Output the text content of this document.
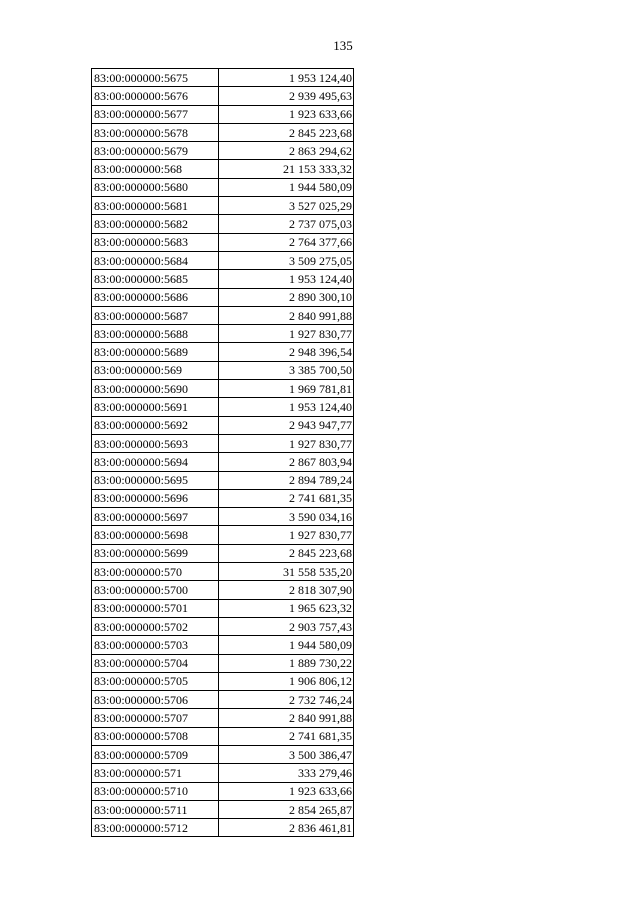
135
83:00:000000:5675	1 953 124,40
83:00:000000:5676	2 939 495,63
83:00:000000:5677	1 923 633,66
83:00:000000:5678	2 845 223,68
83:00:000000:5679	2 863 294,62
83:00:000000:568	21 153 333,32
83:00:000000:5680	1 944 580,09
83:00:000000:5681	3 527 025,29
83:00:000000:5682	2 737 075,03
83:00:000000:5683	2 764 377,66
83:00:000000:5684	3 509 275,05
83:00:000000:5685	1 953 124,40
83:00:000000:5686	2 890 300,10
83:00:000000:5687	2 840 991,88
83:00:000000:5688	1 927 830,77
83:00:000000:5689	2 948 396,54
83:00:000000:569	3 385 700,50
83:00:000000:5690	1 969 781,81
83:00:000000:5691	1 953 124,40
83:00:000000:5692	2 943 947,77
83:00:000000:5693	1 927 830,77
83:00:000000:5694	2 867 803,94
83:00:000000:5695	2 894 789,24
83:00:000000:5696	2 741 681,35
83:00:000000:5697	3 590 034,16
83:00:000000:5698	1 927 830,77
83:00:000000:5699	2 845 223,68
83:00:000000:570	31 558 535,20
83:00:000000:5700	2 818 307,90
83:00:000000:5701	1 965 623,32
83:00:000000:5702	2 903 757,43
83:00:000000:5703	1 944 580,09
83:00:000000:5704	1 889 730,22
83:00:000000:5705	1 906 806,12
83:00:000000:5706	2 732 746,24
83:00:000000:5707	2 840 991,88
83:00:000000:5708	2 741 681,35
83:00:000000:5709	3 500 386,47
83:00:000000:571	333 279,46
83:00:000000:5710	1 923 633,66
83:00:000000:5711	2 854 265,87
83:00:000000:5712	2 836 461,81
